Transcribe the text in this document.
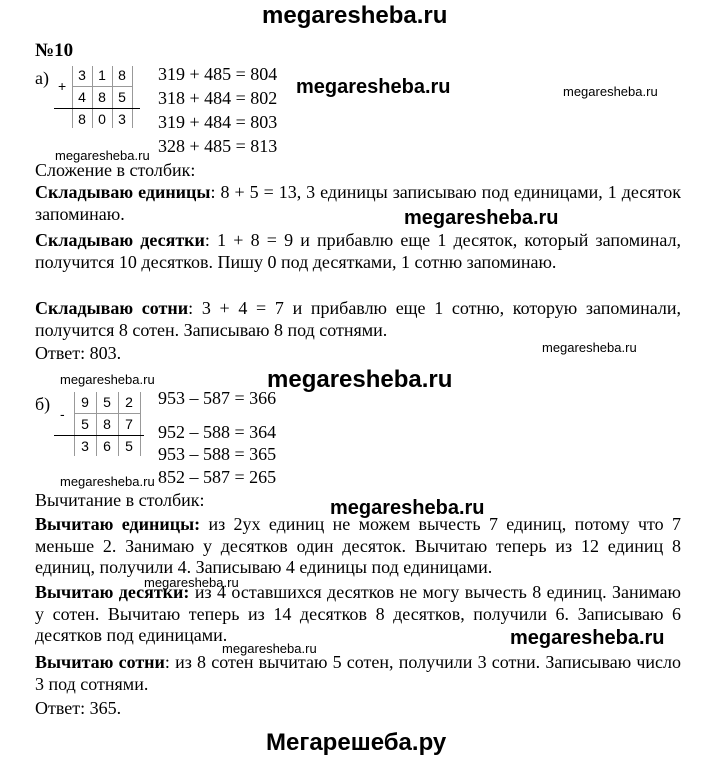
megaresheba.ru
№10
а) +
3 1 8
4 8 5
8 0 3
319 + 485 = 804
318 + 484 = 802
319 + 484 = 803
328 + 485 = 813
megaresheba.ru	megaresheba.ru
megaresheba.ru
Сложение в столбик:
Складываю единицы: 8 + 5 = 13, 3 единицы записываю под единицами, 1 десяток запоминаю.	megaresheba.ru
Складываю десятки: 1 + 8 = 9 и прибавлю еще 1 десяток, который запоминал, получится 10 десятков. Пишу 0 под десятками, 1 сотню запоминаю.
Складываю сотни: 3 + 4 = 7 и прибавлю еще 1 сотню, которую запоминали, получится 8 сотен. Записываю 8 под сотнями.
Ответ: 803.	megaresheba.ru
megaresheba.ru	megaresheba.ru
б) -
9	5	2
5	8	7
3	6	5
953 – 587 = 366
952 – 588 = 364
953 – 588 = 365
852 – 587 = 265
megaresheba.ru
Вычитание в столбик:	megaresheba.ru
Вычитаю единицы: из 2ух единиц не можем вычесть 7 единиц, потому что 7 меньше 2. Занимаю у десятков один десяток. Вычитаю теперь из 12 единиц 8 единиц, получили 4. Записываю 4 единицы под единицами.
megaresheba.ru
Вычитаю десятки: из 4 оставшихся десятков не могу вычесть 8 единиц. Занимаю у сотен. Вычитаю теперь из 14 десятков 8 десятков, получили 6. Записываю 6 десятков под единицами.
megaresheba.ru	megaresheba.ru
Вычитаю сотни: из 8 сотен вычитаю 5 сотен, получили 3 сотни. Записываю число 3 под сотнями.
Ответ: 365.
Мегарешеба.ру
